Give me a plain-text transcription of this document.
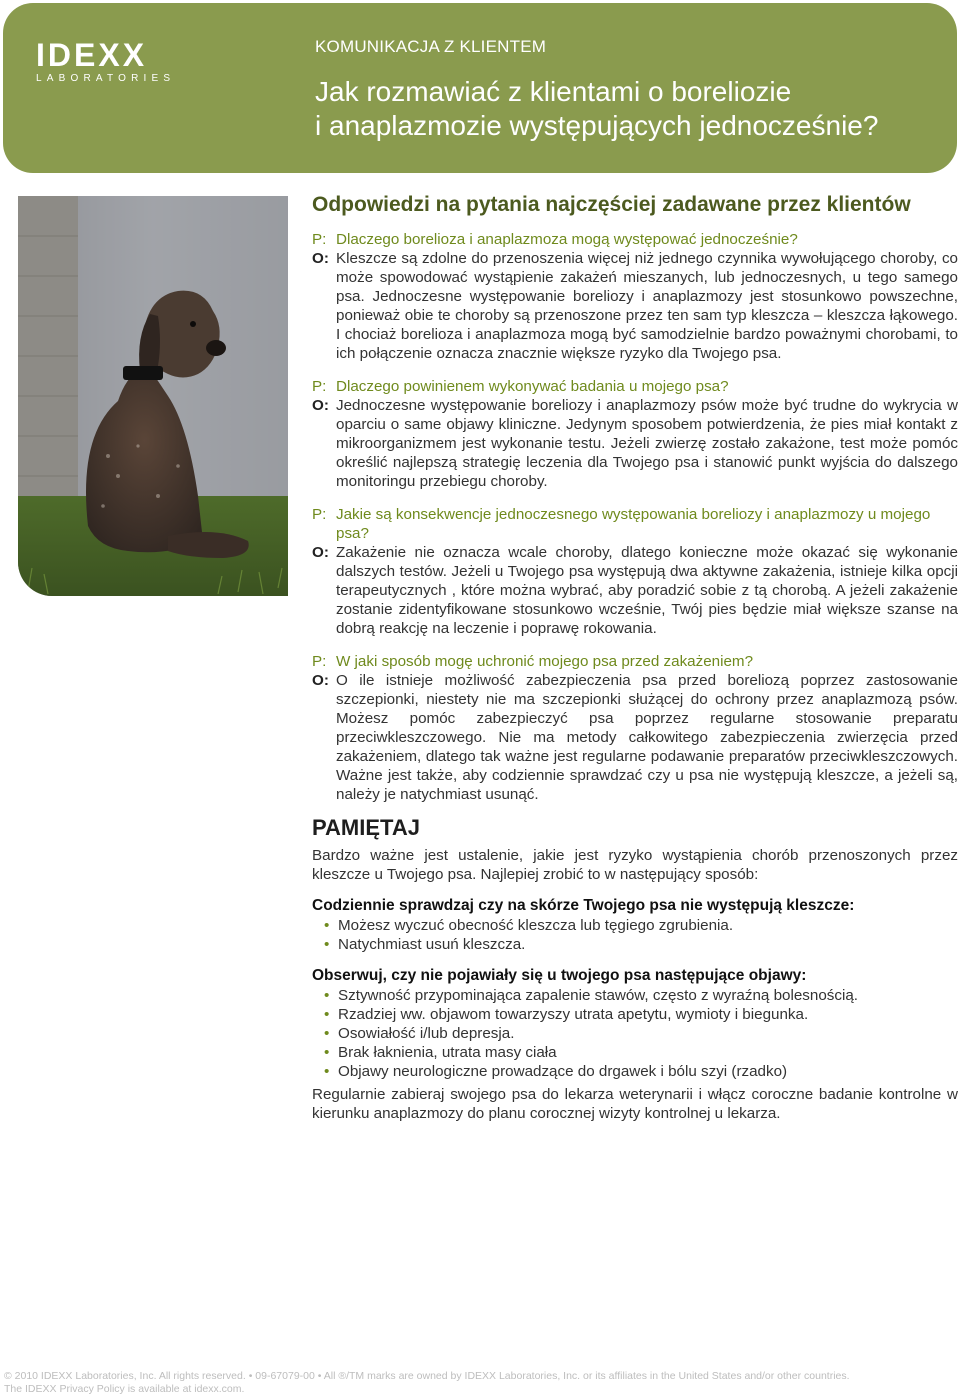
IDEXX
LABORATORIES
KOMUNIKACJA Z KLIENTEM
Jak rozmawiać z klientami o boreliozie
i anaplazmozie występujących jednocześnie?
Odpowiedzi na pytania najczęściej zadawane przez klientów
P: Dlaczego borelioza i anaplazmoza mogą występować jednocześnie?
O: Kleszcze są zdolne do przenoszenia więcej niż jednego czynnika wywołującego choroby, co może spowodować wystąpienie zakażeń mieszanych, lub jednoczesnych, u tego samego psa. Jednoczesne występowanie boreliozy i anaplazmozy jest stosunkowo powszechne, ponieważ obie te choroby są przenoszone przez ten sam typ kleszcza – kleszcza łąkowego. I chociaż borelioza i anaplazmoza mogą być samodzielnie bardzo poważnymi chorobami, to ich połączenie oznacza znacznie większe ryzyko dla Twojego psa.
P: Dlaczego powinienem wykonywać badania u mojego psa?
O: Jednoczesne występowanie boreliozy i anaplazmozy psów może być trudne do wykrycia w oparciu o same objawy kliniczne. Jedynym sposobem potwierdzenia, że pies miał kontakt z mikroorganizmem jest wykonanie testu. Jeżeli zwierzę zostało zakażone, test może pomóc określić najlepszą strategię leczenia dla Twojego psa i stanowić punkt wyjścia do dalszego monitoringu przebiegu choroby.
P: Jakie są konsekwencje jednoczesnego występowania boreliozy i anaplazmozy u mojego psa?
O: Zakażenie nie oznacza wcale choroby, dlatego konieczne może okazać się wykonanie dalszych testów. Jeżeli u Twojego psa występują dwa aktywne zakażenia, istnieje kilka opcji terapeutycznych , które można wybrać, aby poradzić sobie z tą chorobą. A jeżeli zakażenie zostanie zidentyfikowane stosunkowo wcześnie, Twój pies będzie miał większe szanse na dobrą reakcję na leczenie i poprawę rokowania.
P: W jaki sposób mogę uchronić mojego psa przed zakażeniem?
O: O ile istnieje możliwość zabezpieczenia psa przed boreliozą poprzez zastosowanie szczepionki, niestety nie ma szczepionki służącej do ochrony przez anaplazmozą psów. Możesz pomóc zabezpieczyć psa poprzez regularne stosowanie preparatu przeciwkleszczowego. Nie ma metody całkowitego zabezpieczenia zwierzęcia przed zakażeniem, dlatego tak ważne jest regularne podawanie preparatów przeciwkleszczowych. Ważne jest także, aby codziennie sprawdzać czy u psa nie występują kleszcze, a jeżeli są, należy je natychmiast usunąć.
PAMIĘTAJ

Bardzo ważne jest ustalenie, jakie jest ryzyko wystąpienia chorób przenoszonych przez kleszcze u Twojego psa. Najlepiej zrobić to w następujący sposób:

Codziennie sprawdzaj czy na skórze Twojego psa nie występują kleszcze:
• Możesz wyczuć obecność kleszcza lub tęgiego zgrubienia.
• Natychmiast usuń kleszcza.
Obserwuj, czy nie pojawiały się u twojego psa następujące objawy:
• Sztywność przypominająca zapalenie stawów, często z wyraźną bolesnością.
• Rzadziej ww. objawom towarzyszy utrata apetytu, wymioty i biegunka.
• Osowiałość i/lub depresja.
• Brak łaknienia, utrata masy ciała
• Objawy neurologiczne prowadzące do drgawek i bólu szyi (rzadko)

Regularnie zabieraj swojego psa do lekarza weterynarii i włącz coroczne badanie kontrolne w kierunku anaplazmozy do planu corocznej wizyty kontrolnej u lekarza.

© 2010 IDEXX Laboratories, Inc. All rights reserved. • 09-67079-00 • All ®/TM marks are owned by IDEXX Laboratories, Inc. or its affiliates in the United States and/or other countries.
The IDEXX Privacy Policy is available at idexx.com.
